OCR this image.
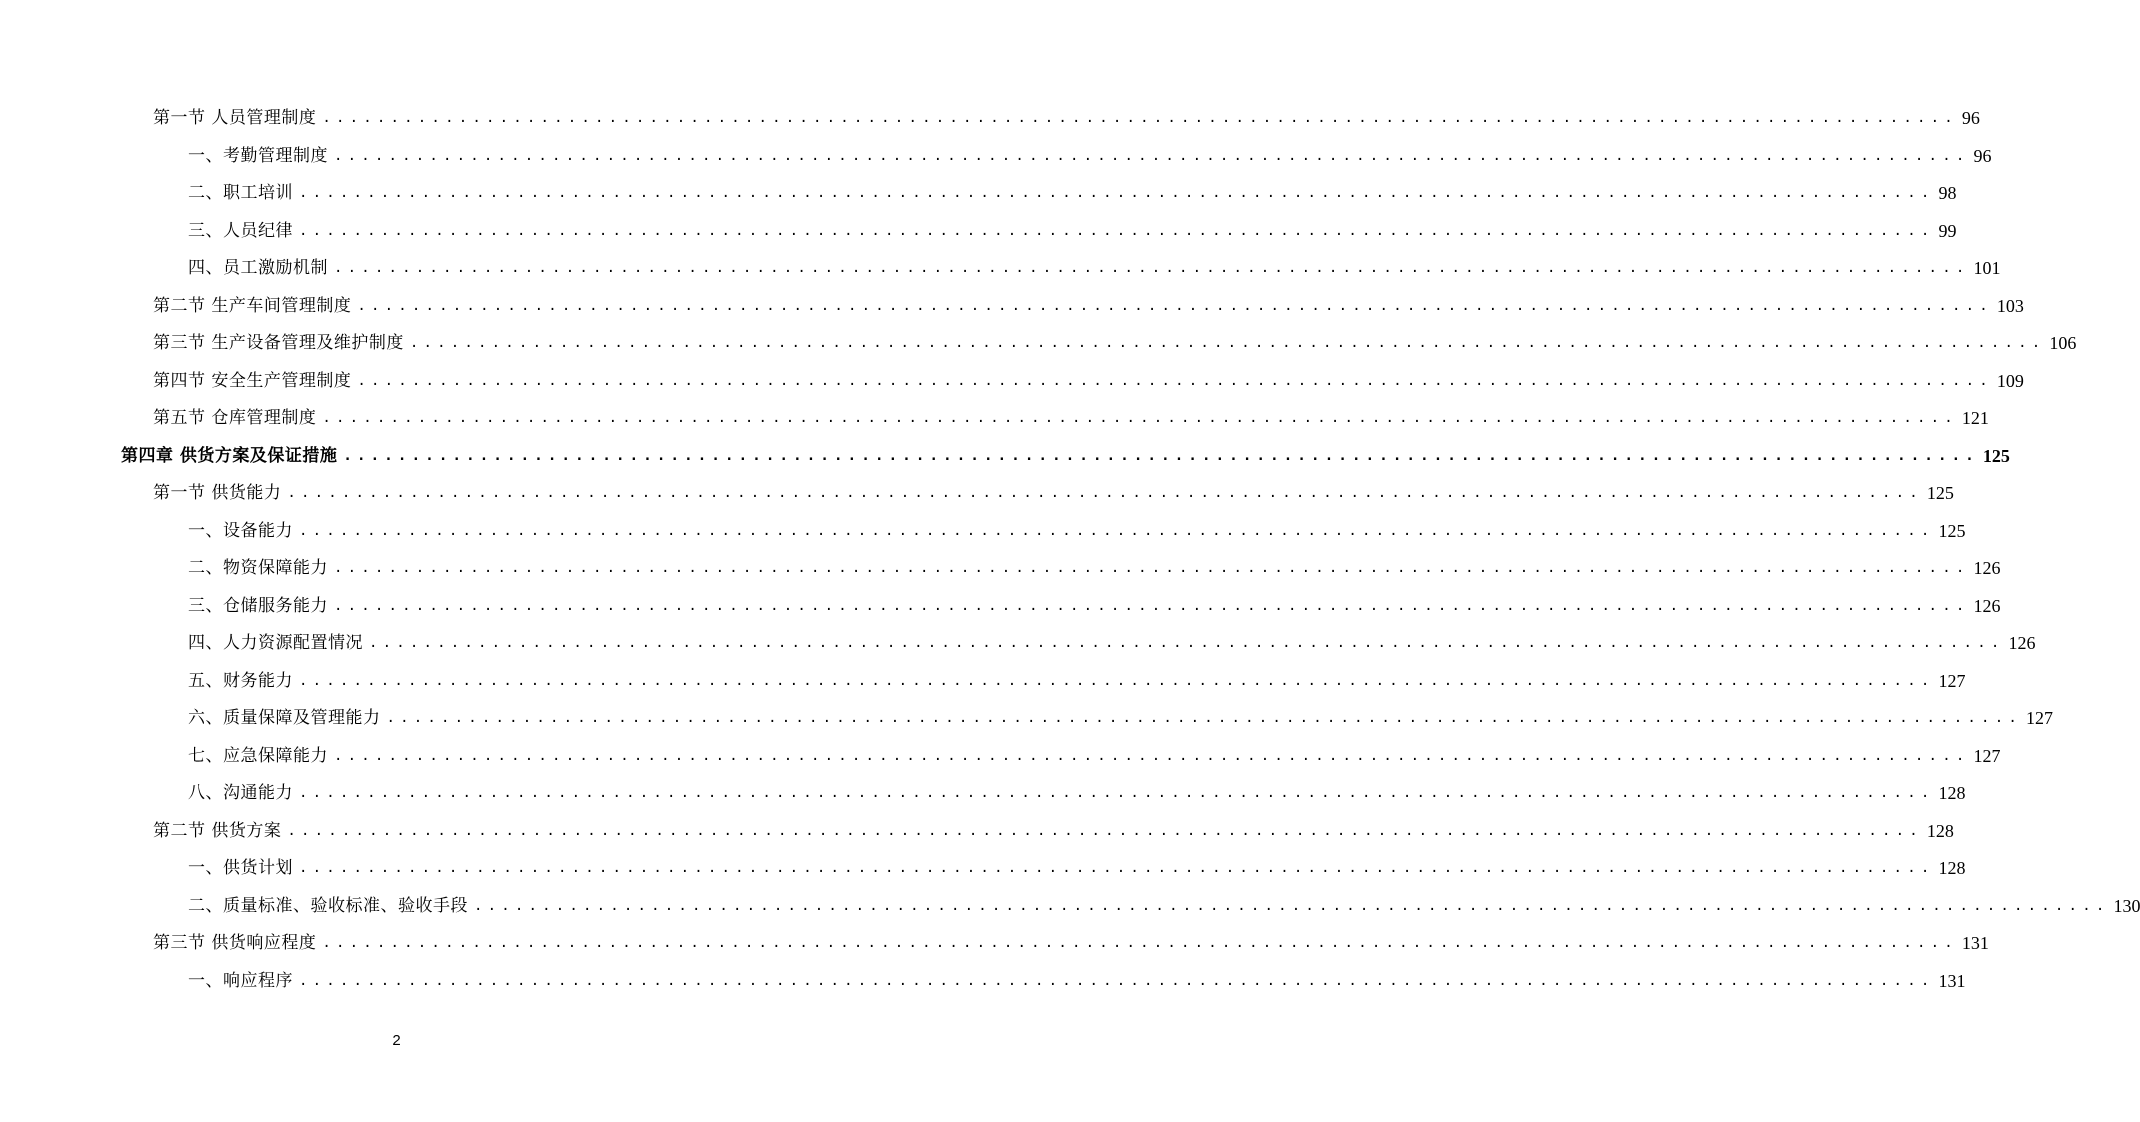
第一节 人员管理制度 ........................................................................................................................ 96
一、考勤管理制度 ........................................................................................................................ 96
二、职工培训 ........................................................................................................................ 98
三、人员纪律 ........................................................................................................................ 99
四、员工激励机制 ........................................................................................................................ 101
第二节 生产车间管理制度 ........................................................................................................................ 103
第三节 生产设备管理及维护制度 ........................................................................................................................ 106
第四节 安全生产管理制度 ........................................................................................................................ 109
第五节 仓库管理制度 ........................................................................................................................ 121
第四章 供货方案及保证措施 ........................................................................................................................ 125
第一节 供货能力 ........................................................................................................................ 125
一、设备能力 ........................................................................................................................ 125
二、物资保障能力 ........................................................................................................................ 126
三、仓储服务能力 ........................................................................................................................ 126
四、人力资源配置情况 ........................................................................................................................ 126
五、财务能力 ........................................................................................................................ 127
六、质量保障及管理能力 ........................................................................................................................ 127
七、应急保障能力 ........................................................................................................................ 127
八、沟通能力 ........................................................................................................................ 128
第二节 供货方案 ........................................................................................................................ 128
一、供货计划 ........................................................................................................................ 128
二、质量标准、验收标准、验收手段 ........................................................................................................................ 130
第三节 供货响应程度 ........................................................................................................................ 131
一、响应程序 ........................................................................................................................ 131
2
